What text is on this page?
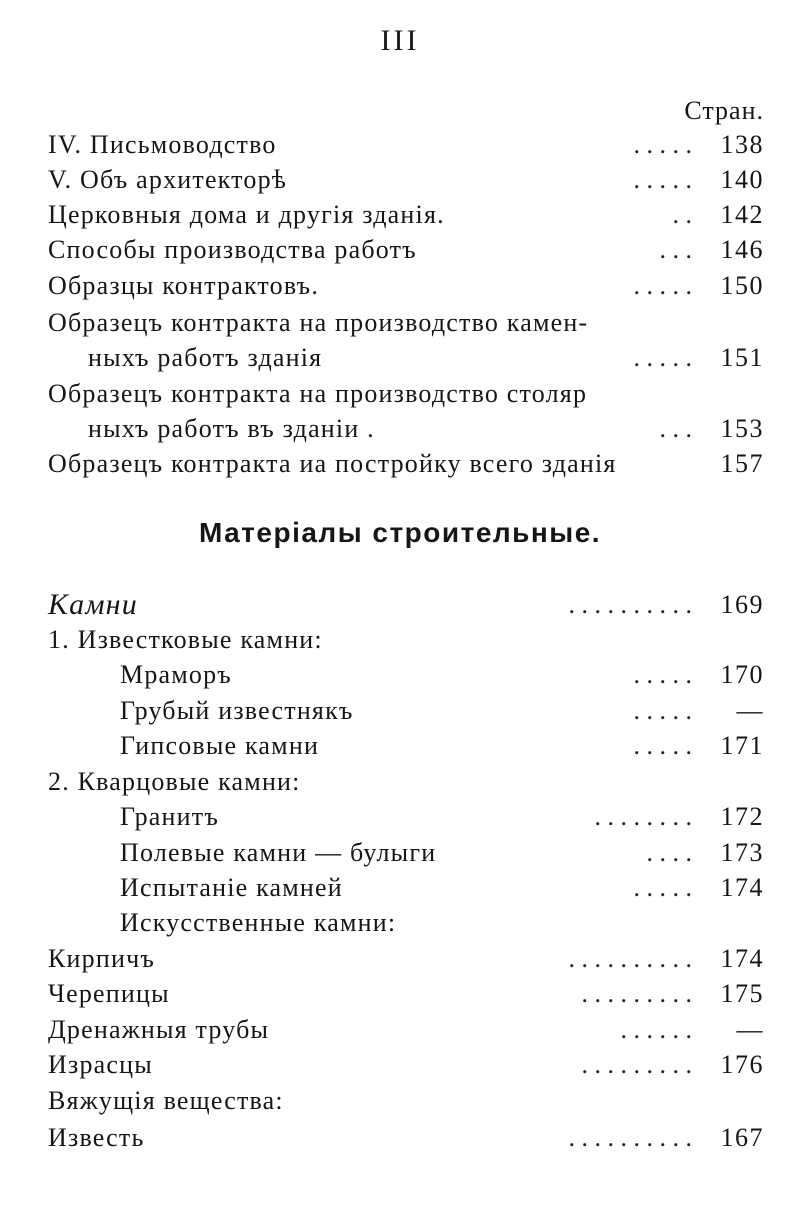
III
Стран.
IV. Письмоводство	. . . . . 138
V. Объ архитекторѣ	. . . . . 140
Церковныя дома и другія зданія.	. . 142
Способы производства работъ	. . . 146
Образцы контрактовъ.	. . . . . 150
Образецъ контракта на производство камен-
ныхъ работъ зданія	. . . . . 151
Образецъ контракта на производство столяр
ныхъ работъ въ зданіи .	. . . 153
Образецъ контракта иа постройку всего зданія	157
Матеріалы строительные.
Камни	. . . . . . . . . . 169
1. Известковые камни:
Мраморъ	. . . . . 170
Грубый известнякъ	. . . . . —
Гипсовые камни	. . . . . 171
2. Кварцовые камни:
Гранитъ	. . . . . . . . 172
Полевые камни — булыги	. . . . 173
Испытаніе камней	. . . . . 174
Искусственные камни:
Кирпичъ	. . . . . . . . . . 174
Черепицы	. . . . . . . . . 175
Дренажныя трубы	. . . . . . —
Израсцы	. . . . . . . . . 176
Вяжущія вещества:
Известь	. . . . . . . . . . 167
